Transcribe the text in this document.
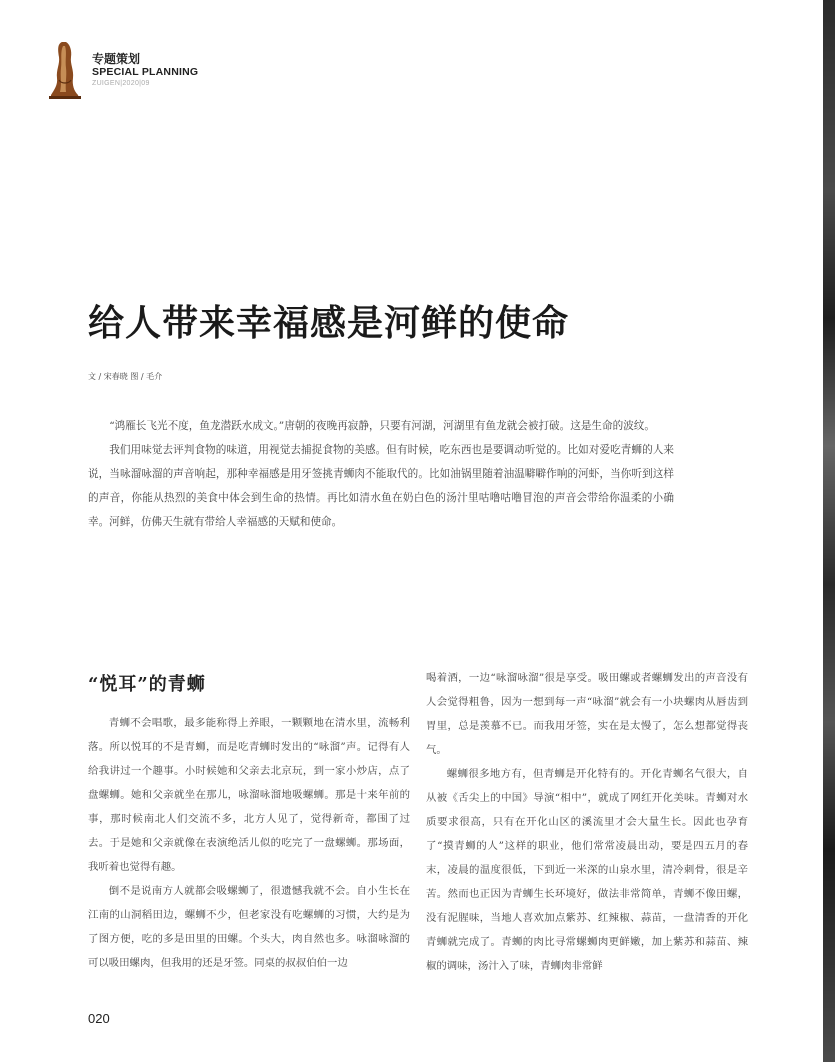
专题策划
SPECIAL PLANNING
ZUIGEN|2020|09
给人带来幸福感是河鲜的使命
文 / 宋春晓 图 / 毛介

“鸿雁长飞光不度，鱼龙潜跃水成文。”唐朝的夜晚再寂静，只要有河湖，河湖里有鱼龙就会被打破。这是生命的波纹。

我们用味觉去评判食物的味道，用视觉去捕捉食物的美感。但有时候，吃东西也是要调动听觉的。比如对爱吃青蛳的人来说，当咏溜咏溜的声音响起，那种幸福感是用牙签挑青蛳肉不能取代的。比如油锅里随着油温噼噼作响的河虾，当你听到这样的声音，你能从热烈的美食中体会到生命的热情。再比如清水鱼在奶白色的汤汁里咕噜咕噜冒泡的声音会带给你温柔的小确幸。河鲜，仿佛天生就有带给人幸福感的天赋和使命。

“悦耳”的青蛳

青蛳不会唱歌，最多能称得上养眼，一颗颗地在清水里，流畅利落。所以悦耳的不是青蛳，而是吃青蛳时发出的“咏溜”声。记得有人给我讲过一个趣事。小时候她和父亲去北京玩，到一家小炒店，点了盘螺蛳。她和父亲就坐在那儿，咏溜咏溜地吸螺蛳。那是十来年前的事，那时候南北人们交流不多，北方人见了，觉得新奇，都围了过去。于是她和父亲就像在表演绝活儿似的吃完了一盘螺蛳。那场面，我听着也觉得有趣。

倒不是说南方人就都会吸螺蛳了，很遗憾我就不会。自小生长在江南的山洞稻田边，螺蛳不少，但老家没有吃螺蛳的习惯，大约是为了图方便，吃的多是田里的田螺。个头大，肉自然也多。咏溜咏溜的可以吸田螺肉，但我用的还是牙签。同桌的叔叔伯伯一边

喝着酒，一边“咏溜咏溜”很是享受。吸田螺或者螺蛳发出的声音没有人会觉得粗鲁，因为一想到每一声“咏溜”就会有一小块螺肉从唇齿到胃里，总是羡慕不已。而我用牙签，实在是太慢了，怎么想都觉得丧气。

螺蛳很多地方有，但青蛳是开化特有的。开化青蛳名气很大，自从被《舌尖上的中国》导演“相中”，就成了网红开化美味。青蛳对水质要求很高，只有在开化山区的溪流里才会大量生长。因此也孕育了“摸青蛳的人”这样的职业，他们常常凌晨出动，要是四五月的春末，凌晨的温度很低，下到近一米深的山泉水里，清冷刺骨，很是辛苦。然而也正因为青蛳生长环境好，做法非常简单，青蛳不像田螺，没有泥腥味，当地人喜欢加点紫苏、红辣椒、蒜苗，一盘清香的开化青蛳就完成了。青蛳的肉比寻常螺蛳肉更鲜嫩，加上紫苏和蒜苗、辣椒的调味，汤汁入了味，青蛳肉非常鲜

020
